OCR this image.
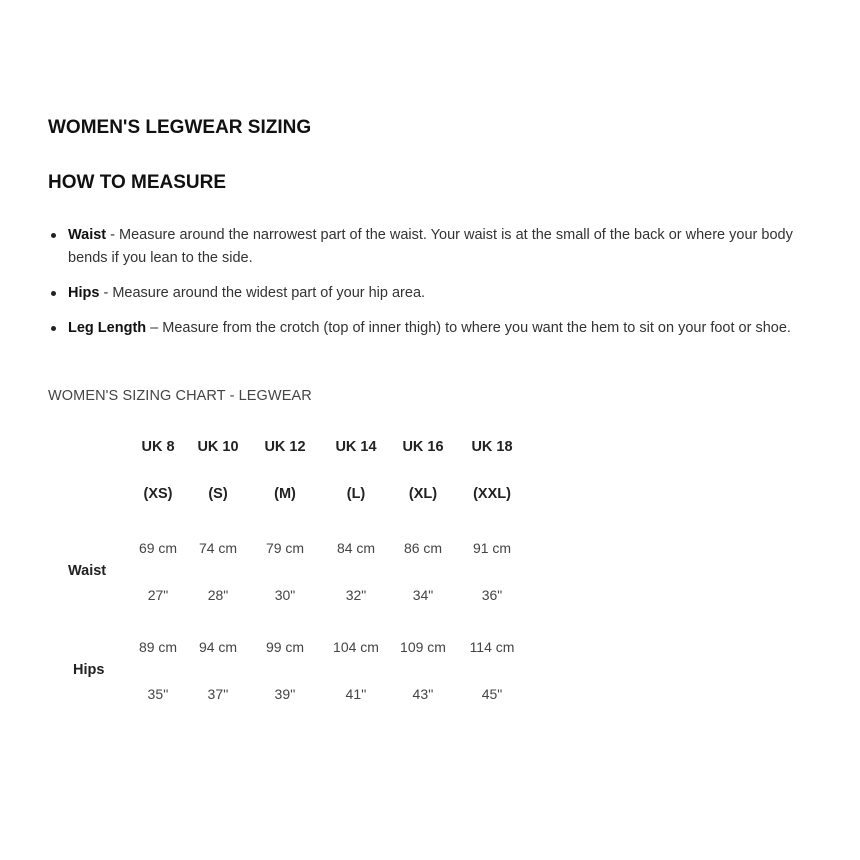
WOMEN'S LEGWEAR SIZING
HOW TO MEASURE
Waist - Measure around the narrowest part of the waist. Your waist is at the small of the back or where your body bends if you lean to the side.
Hips - Measure around the widest part of your hip area.
Leg Length – Measure from the crotch (top of inner thigh) to where you want the hem to sit on your foot or shoe.
WOMEN'S SIZING CHART - LEGWEAR
UK 8 UK 10 UK 12 UK 14 UK 16 UK 18
(XS) (S)	(M)	(L)	(XL) (XXL)
Waist
69 cm 74 cm 79 cm 84 cm 86 cm 91 cm
27"	28"	30"	32"	34"	36"
Hips
89 cm 94 cm 99 cm 104 cm 109 cm 114 cm
35''	37''	39''	41''	43''	45"
